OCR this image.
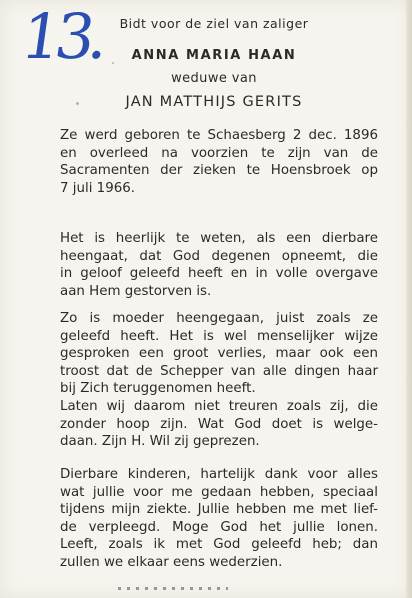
13. Bidt voor de ziel van zaliger
ANNA MARIA HAAN
weduwe van
JAN MATTHIJS GERITS
Ze werd geboren te Schaesberg 2 dec. 1896
en overleed na voorzien te zijn van de
Sacramenten der zieken te Hoensbroek op
7 juli 1966.
Het is heerlijk te weten, als een dierbare
heengaat, dat God degenen opneemt, die
in geloof geleefd heeft en in volle overgave
aan Hem gestorven is.
Zo is moeder heengegaan, juist zoals ze
geleefd heeft. Het is wel menselijker wijze
gesproken een groot verlies, maar ook een
troost dat de Schepper van alle dingen haar
bij Zich teruggenomen heeft.
Laten wij daarom niet treuren zoals zij, die
zonder hoop zijn. Wat God doet is welge-
daan. Zijn H. Wil zij geprezen.
Dierbare kinderen, hartelijk dank voor alles
wat jullie voor me gedaan hebben, speciaal
tijdens mijn ziekte. Jullie hebben me met lief-
de verpleegd. Moge God het jullie lonen.
Leeft, zoals ik met God geleefd heb; dan
zullen we elkaar eens wederzien.
